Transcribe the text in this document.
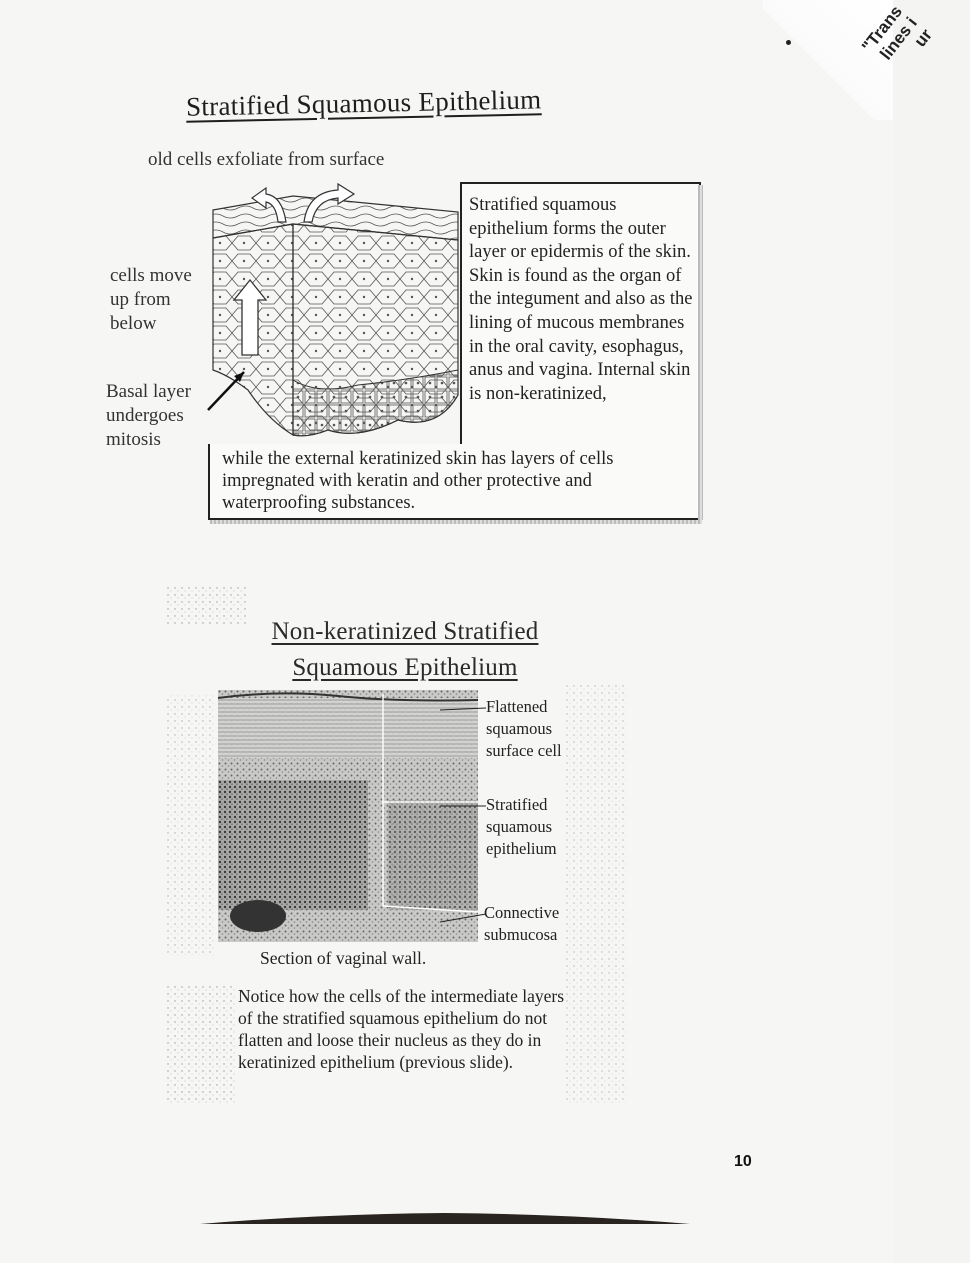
"Trans
lines i
ur
Stratified Squamous Epithelium
old cells exfoliate from surface
cells move
up from
below
Basal layer
undergoes
mitosis
Stratified squamous epithelium forms the outer layer or epidermis of the skin. Skin is found as the organ of the integument and also as the lining of mucous membranes in the oral cavity, esophagus, anus and vagina. Internal skin is non-keratinized,
while the external keratinized skin has layers of cells impregnated with keratin and other protective and waterproofing substances.
Non-keratinized Stratified
Squamous Epithelium
Flattened
squamous
surface cell
Stratified
squamous
epithelium
Connective
submucosa
Section of vaginal wall.
Notice how the cells of the intermediate layers of the stratified squamous epithelium do not flatten and loose their nucleus as they do in keratinized epithelium (previous slide).
10
